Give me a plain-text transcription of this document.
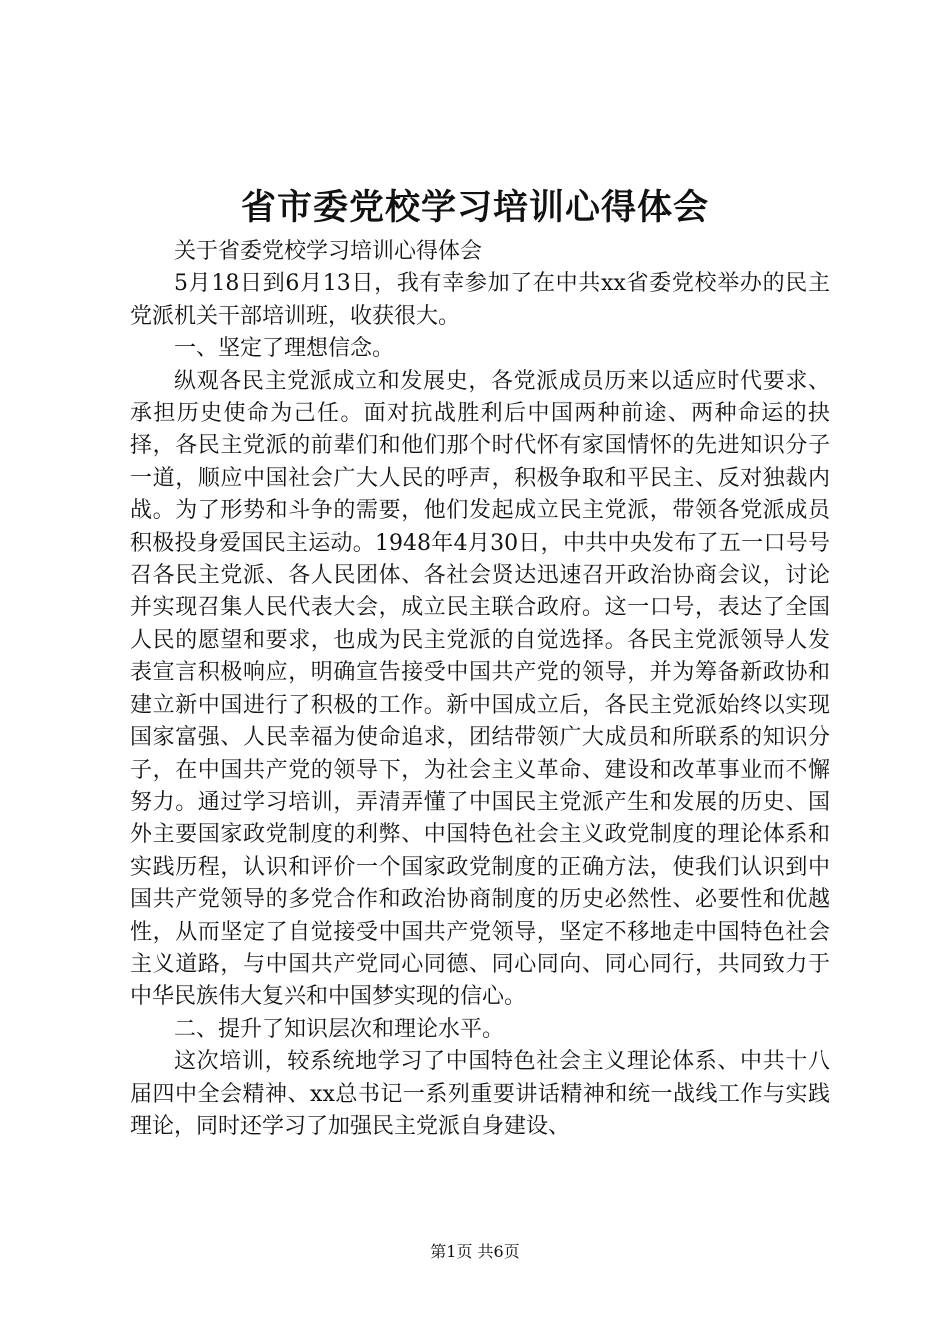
省市委党校学习培训心得体会

关于省委党校学习培训心得体会

5月18日到6月13日，我有幸参加了在中共xx省委党校举办的民主党派机关干部培训班，收获很大。

一、坚定了理想信念。

纵观各民主党派成立和发展史，各党派成员历来以适应时代要求、承担历史使命为己任。面对抗战胜利后中国两种前途、两种命运的抉择，各民主党派的前辈们和他们那个时代怀有家国情怀的先进知识分子一道，顺应中国社会广大人民的呼声，积极争取和平民主、反对独裁内战。为了形势和斗争的需要，他们发起成立民主党派，带领各党派成员积极投身爱国民主运动。1948年4月30日，中共中央发布了五一口号号召各民主党派、各人民团体、各社会贤达迅速召开政治协商会议，讨论并实现召集人民代表大会，成立民主联合政府。这一口号，表达了全国人民的愿望和要求，也成为民主党派的自觉选择。各民主党派领导人发表宣言积极响应，明确宣告接受中国共产党的领导，并为筹备新政协和建立新中国进行了积极的工作。新中国成立后，各民主党派始终以实现国家富强、人民幸福为使命追求，团结带领广大成员和所联系的知识分子，在中国共产党的领导下，为社会主义革命、建设和改革事业而不懈努力。通过学习培训，弄清弄懂了中国民主党派产生和发展的历史、国外主要国家政党制度的利弊、中国特色社会主义政党制度的理论体系和实践历程，认识和评价一个国家政党制度的正确方法，使我们认识到中国共产党领导的多党合作和政治协商制度的历史必然性、必要性和优越性，从而坚定了自觉接受中国共产党领导，坚定不移地走中国特色社会主义道路，与中国共产党同心同德、同心同向、同心同行，共同致力于中华民族伟大复兴和中国梦实现的信心。

二、提升了知识层次和理论水平。

这次培训，较系统地学习了中国特色社会主义理论体系、中共十八届四中全会精神、xx总书记一系列重要讲话精神和统一战线工作与实践理论，同时还学习了加强民主党派自身建设、

第1页 共6页
